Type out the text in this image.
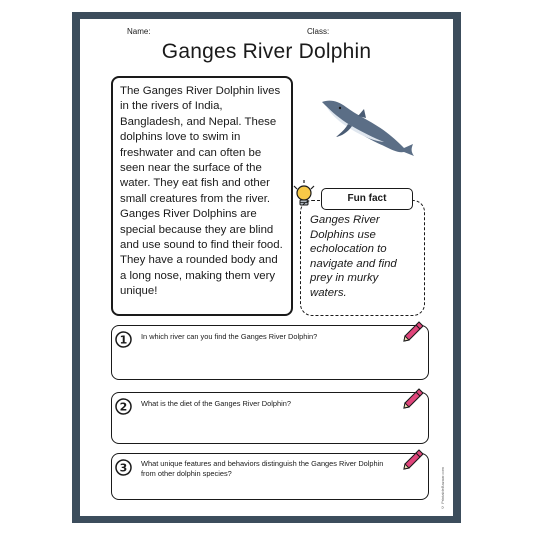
Name:	Class:
Ganges River Dolphin
The Ganges River Dolphin lives in the rivers of India, Bangladesh, and Nepal. These dolphins love to swim in freshwater and can often be seen near the surface of the water. They eat fish and other small creatures from the river. Ganges River Dolphins are special because they are blind and use sound to find their food. They have a rounded body and a long nose, making them very unique!
Fun fact
Ganges River Dolphins use echolocation to navigate and find prey in murky waters.
1 In which river can you find the Ganges River Dolphin?
2 What is the diet of the Ganges River Dolphin?
3 What unique features and behaviors distinguish the Ganges River Dolphin from other dolphin species?	© PrintableBazaar.com
